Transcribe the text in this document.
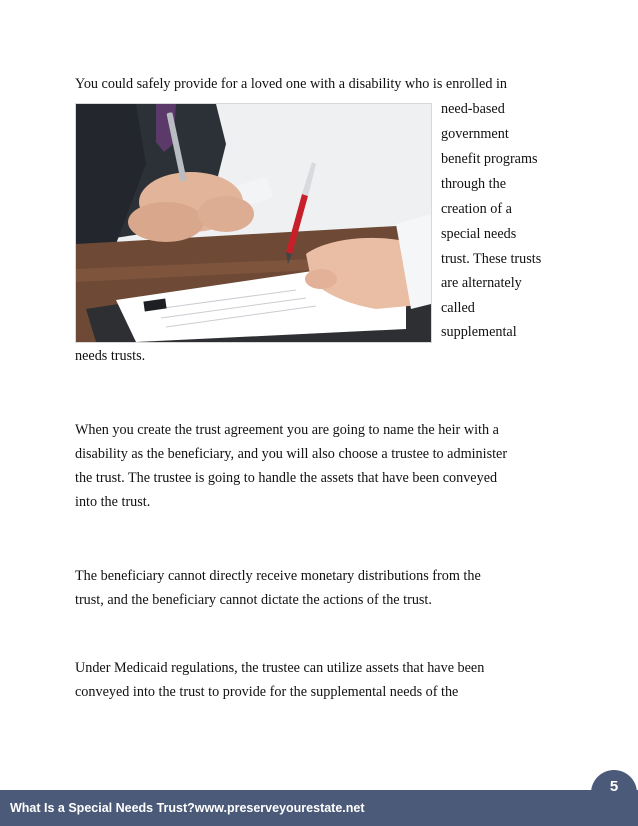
You could safely provide for a loved one with a disability who is enrolled in
need-based
government
benefit programs
through the
creation of a
special needs
trust. These trusts
are alternately
called
supplemental
needs trusts.
When you create the trust agreement you are going to name the heir with a
disability as the beneficiary, and you will also choose a trustee to administer
the trust. The trustee is going to handle the assets that have been conveyed
into the trust.
The beneficiary cannot directly receive monetary distributions from the
trust, and the beneficiary cannot dictate the actions of the trust.
Under Medicaid regulations, the trustee can utilize assets that have been
conveyed into the trust to provide for the supplemental needs of the
What Is a Special Needs Trust?www.preserveyourestate.net
5
